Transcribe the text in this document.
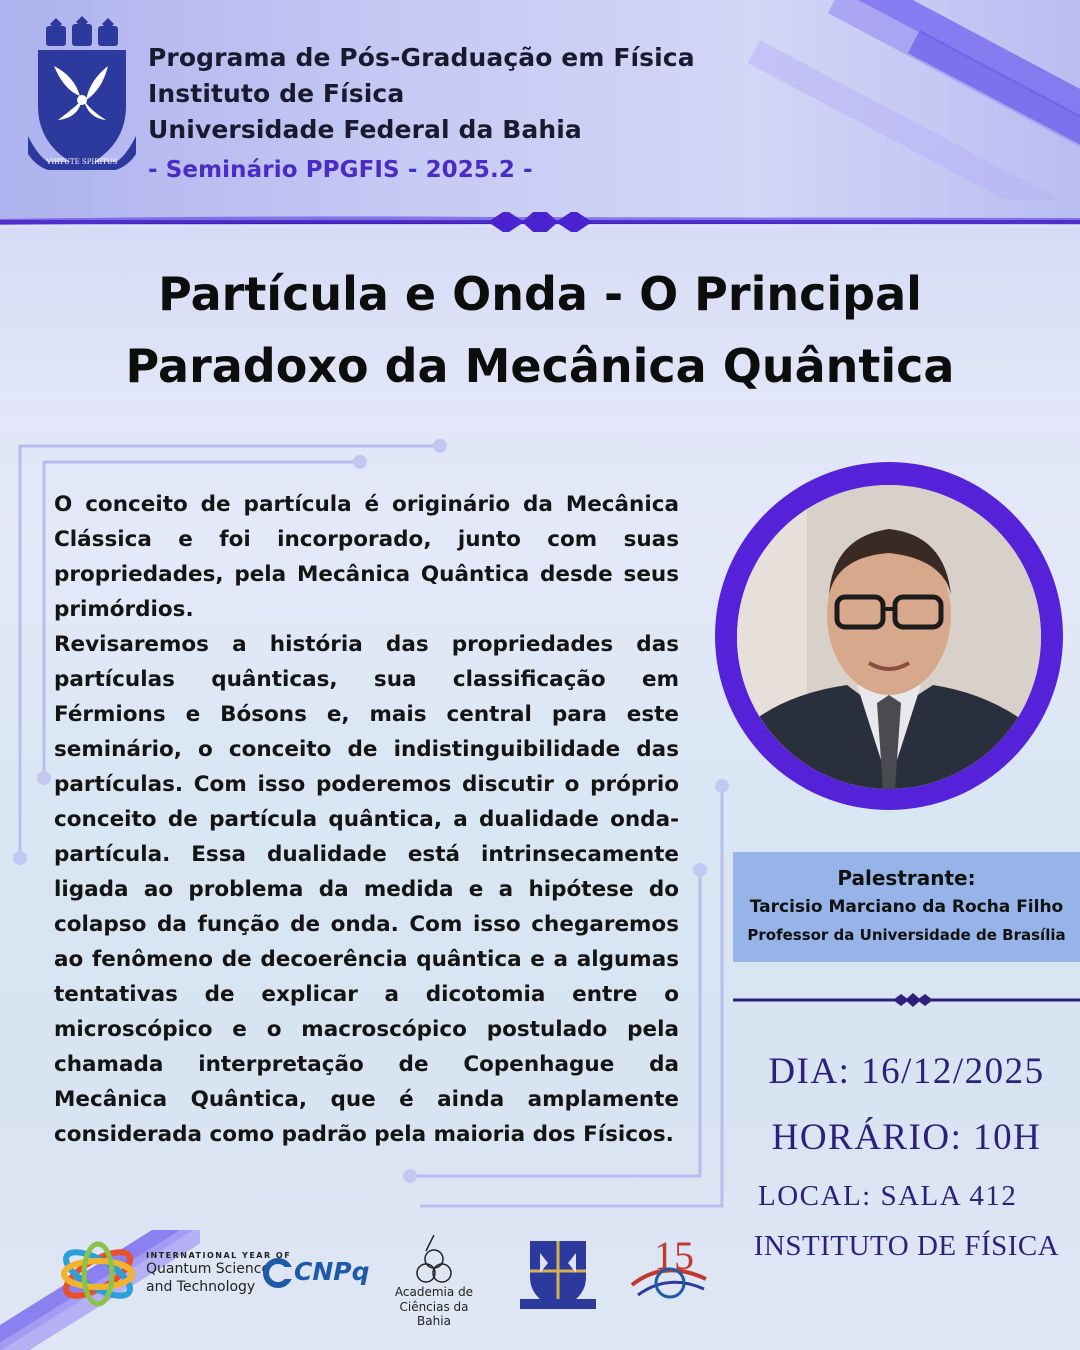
VIRTUTE SPIRITUS
Programa de Pós-Graduação em Física
Instituto de Física
Universidade Federal da Bahia
- Seminário PPGFIS - 2025.2 -
Partícula e Onda - O Principal
Paradoxo da Mecânica Quântica

O conceito de partícula é originário da Mecânica Clássica e foi incorporado, junto com suas propriedades, pela Mecânica Quântica desde seus primórdios.

Revisaremos a história das propriedades das partículas quânticas, sua classificação em Férmions e Bósons e, mais central para este seminário, o conceito de indistinguibilidade das partículas. Com isso poderemos discutir o próprio conceito de partícula quântica, a dualidade onda-partícula. Essa dualidade está intrinsecamente ligada ao problema da medida e a hipótese do colapso da função de onda. Com isso chegaremos ao fenômeno de decoerência quântica e a algumas tentativas de explicar a dicotomia entre o microscópico e o macroscópico postulado pela chamada interpretação de Copenhague da Mecânica Quântica, que é ainda amplamente considerada como padrão pela maioria dos Físicos.

Palestrante:
Tarcisio Marciano da Rocha Filho
Professor da Universidade de Brasília
DIA: 16/12/2025
HORÁRIO: 10H
LOCAL: SALA 412
INSTITUTO DE FÍSICA
INTERNATIONAL YEAR OF
Quantum Science
and Technology
CNPq
Academia de
Ciências da Bahia
15
